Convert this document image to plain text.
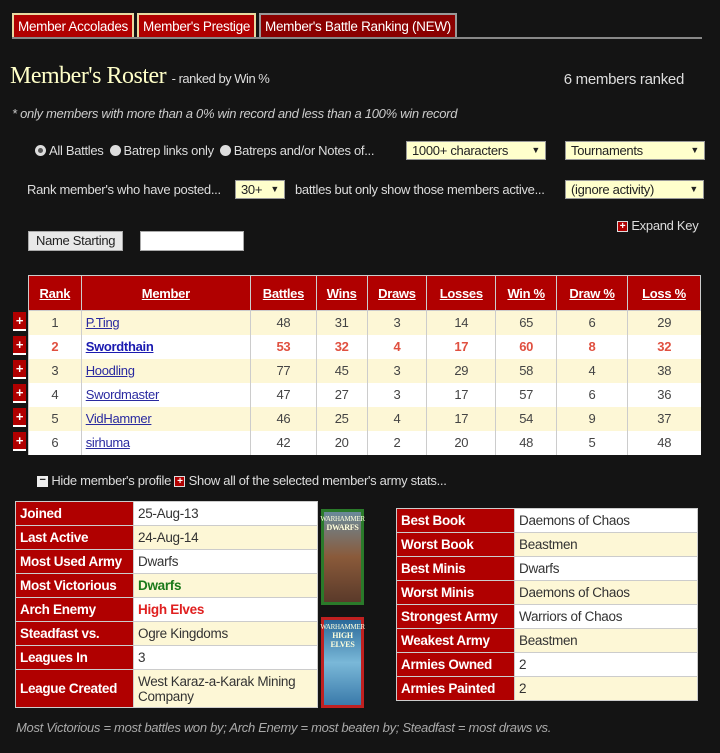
Member Accolades	Member's Prestige	Member's Battle Ranking (NEW)
Member's Roster - ranked by Win %	6 members ranked
* only members with more than a 0% win record and less than a 100% win record
All Battles Batrep links only Batreps and/or Notes of...	1000+ characters	▼ Tournaments	▼
Rank member's who have posted... 30+ ▼ battles but only show those members active... (ignore activity)	▼
+ Expand Key
Name Starting
Rank	Member	Battles	Wins	Draws	Losses	Win %	Draw %	Loss %
1	P.Ting	48	31	3	14	65	6	29
2	Swordthain	53	32	4	17	60	8	32
3	Hoodling	77	45	3	29	58	4	38
4	Swordmaster	47	27	3	17	57	6	36
5	VidHammer	46	25	4	17	54	9	37
6	sirhuma	42	20	2	20	48	5	48
+
+
+
+
+
+
− Hide member's profile + Show all of the selected member's army stats...
Joined	25-Aug-13
Last Active	24-Aug-14
Most Used Army	Dwarfs
Most Victorious	Dwarfs
Arch Enemy	High Elves
Steadfast vs.	Ogre Kingdoms
Leagues In	3
League Created	West Karaz-a-Karak Mining Company
WARHAMMER
DWARFS
WARHAMMER
HIGH ELVES
Best Book	Daemons of Chaos
Worst Book	Beastmen
Best Minis	Dwarfs
Worst Minis	Daemons of Chaos
Strongest Army	Warriors of Chaos
Weakest Army	Beastmen
Armies Owned	2
Armies Painted	2
Most Victorious = most battles won by; Arch Enemy = most beaten by; Steadfast = most draws vs.
